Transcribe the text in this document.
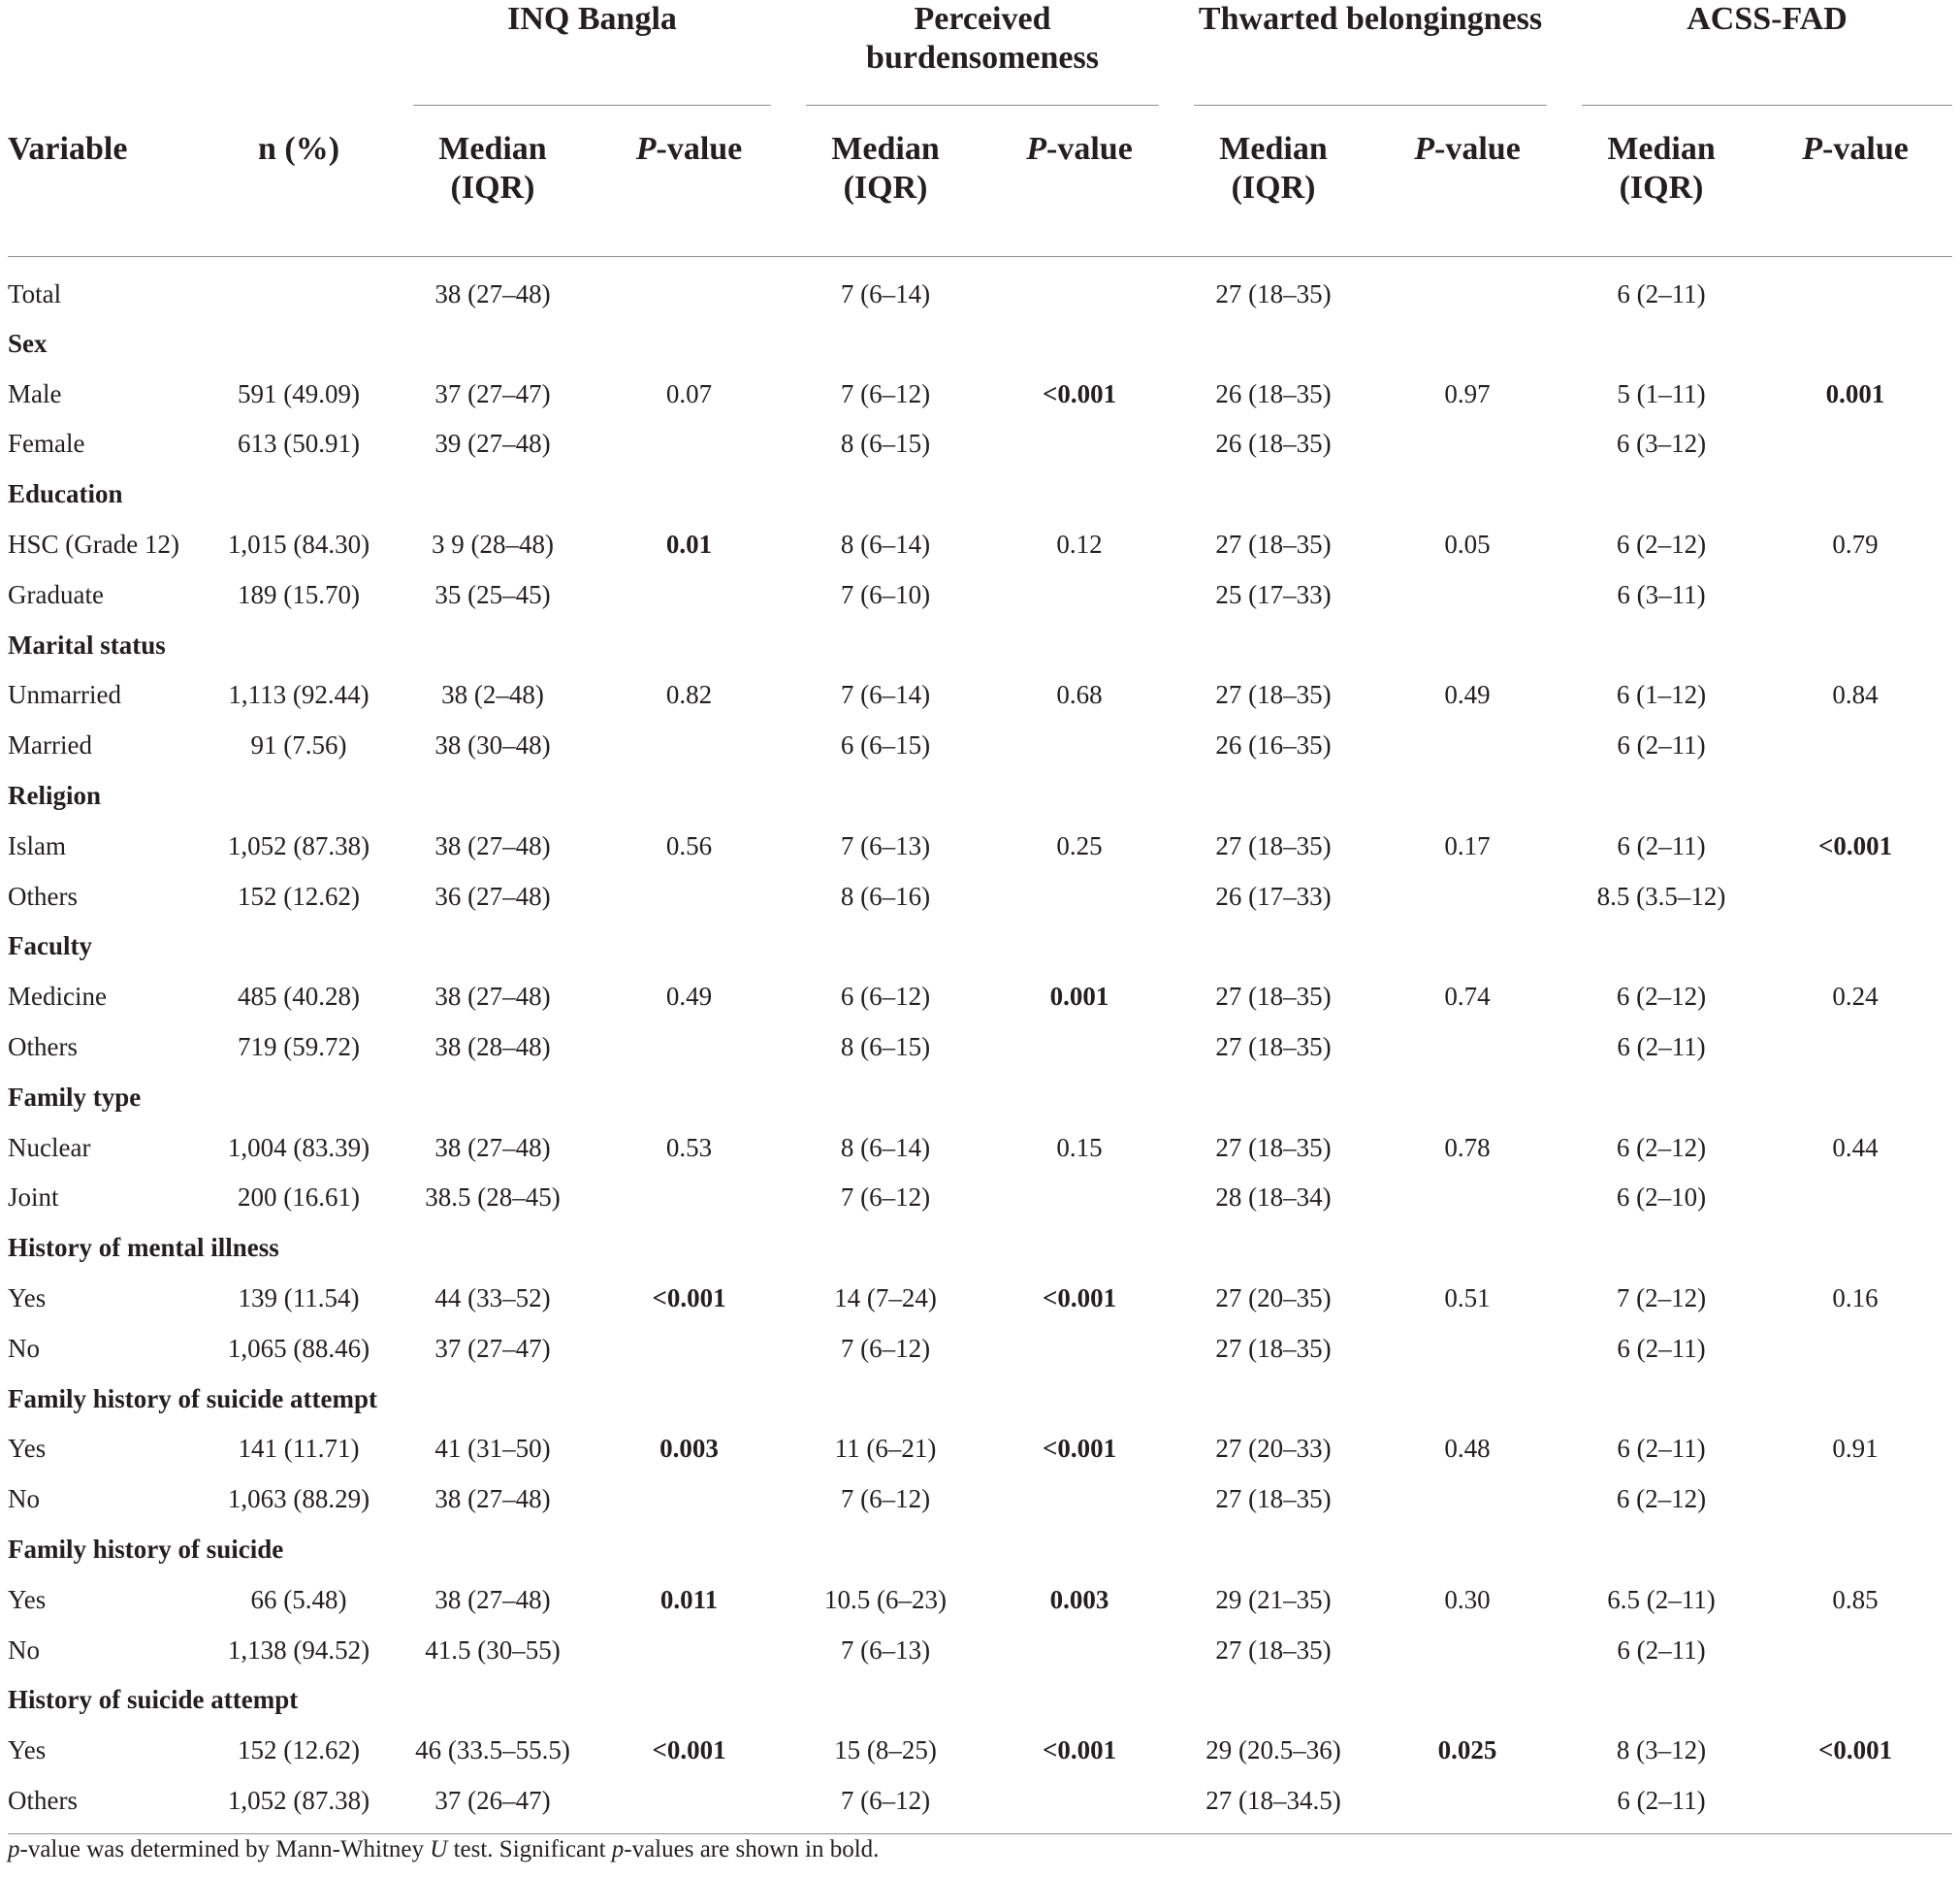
		INQ Bangla		Perceived burdensomeness		Thwarted belongingness		ACSS-FAD	

Variable	n (%)	Median (IQR)	P-value	Median (IQR)	P-value	Median (IQR)	P-value	Median (IQR)	P-value
Total		38 (27–48)		7 (6–14)		27 (18–35)		6 (2–11)	
Sex									
Male	591 (49.09)	37 (27–47)	0.07	7 (6–12)	<0.001	26 (18–35)	0.97	5 (1–11)	0.001
Female	613 (50.91)	39 (27–48)		8 (6–15)		26 (18–35)		6 (3–12)	
Education									
HSC (Grade 12)	1,015 (84.30)	3 9 (28–48)	0.01	8 (6–14)	0.12	27 (18–35)	0.05	6 (2–12)	0.79
Graduate	189 (15.70)	35 (25–45)		7 (6–10)		25 (17–33)		6 (3–11)	
Marital status									
Unmarried	1,113 (92.44)	38 (2–48)	0.82	7 (6–14)	0.68	27 (18–35)	0.49	6 (1–12)	0.84
Married	91 (7.56)	38 (30–48)		6 (6–15)		26 (16–35)		6 (2–11)	
Religion									
Islam	1,052 (87.38)	38 (27–48)	0.56	7 (6–13)	0.25	27 (18–35)	0.17	6 (2–11)	<0.001
Others	152 (12.62)	36 (27–48)		8 (6–16)		26 (17–33)		8.5 (3.5–12)	
Faculty									
Medicine	485 (40.28)	38 (27–48)	0.49	6 (6–12)	0.001	27 (18–35)	0.74	6 (2–12)	0.24
Others	719 (59.72)	38 (28–48)		8 (6–15)		27 (18–35)		6 (2–11)	
Family type									
Nuclear	1,004 (83.39)	38 (27–48)	0.53	8 (6–14)	0.15	27 (18–35)	0.78	6 (2–12)	0.44
Joint	200 (16.61)	38.5 (28–45)		7 (6–12)		28 (18–34)		6 (2–10)	
History of mental illness									
Yes	139 (11.54)	44 (33–52)	<0.001	14 (7–24)	<0.001	27 (20–35)	0.51	7 (2–12)	0.16
No	1,065 (88.46)	37 (27–47)		7 (6–12)		27 (18–35)		6 (2–11)	
Family history of suicide attempt									
Yes	141 (11.71)	41 (31–50)	0.003	11 (6–21)	<0.001	27 (20–33)	0.48	6 (2–11)	0.91
No	1,063 (88.29)	38 (27–48)		7 (6–12)		27 (18–35)		6 (2–12)	
Family history of suicide									
Yes	66 (5.48)	38 (27–48)	0.011	10.5 (6–23)	0.003	29 (21–35)	0.30	6.5 (2–11)	0.85
No	1,138 (94.52)	41.5 (30–55)		7 (6–13)		27 (18–35)		6 (2–11)	
History of suicide attempt									
Yes	152 (12.62)	46 (33.5–55.5)	<0.001	15 (8–25)	<0.001	29 (20.5–36)	0.025	8 (3–12)	<0.001
Others	1,052 (87.38)	37 (26–47)		7 (6–12)		27 (18–34.5)		6 (2–11)	
p-value was determined by Mann-Whitney U test. Significant p-values are shown in bold.
